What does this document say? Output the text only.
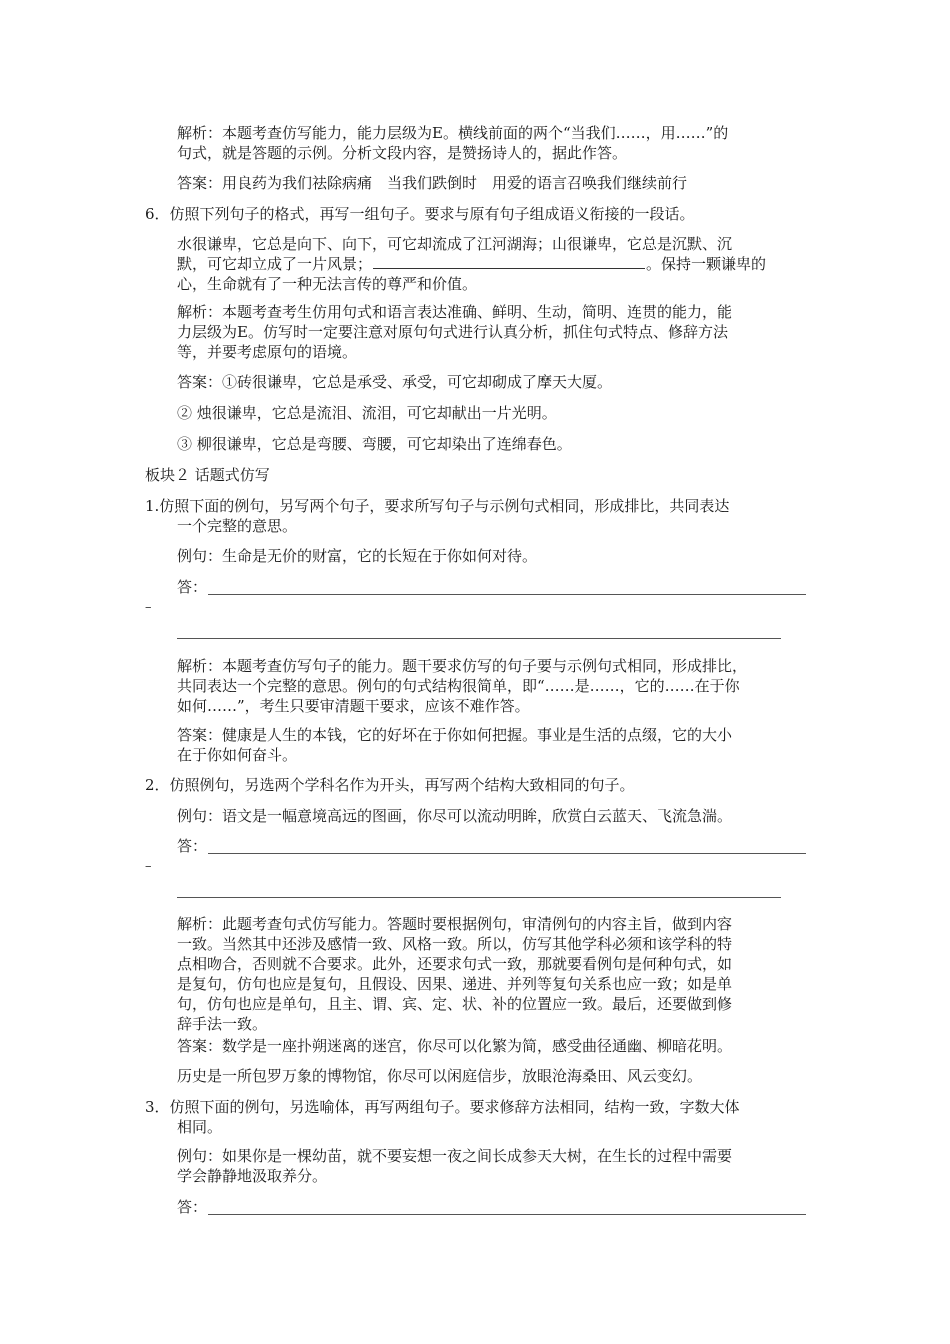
解析：本题考查仿写能力，能力层级为E。横线前面的两个“当我们……，用……”的
句式，就是答题的示例。分析文段内容，是赞扬诗人的，据此作答。
答案：用良药为我们祛除病痛　当我们跌倒时　用爱的语言召唤我们继续前行
6．仿照下列句子的格式，再写一组句子。要求与原有句子组成语义衔接的一段话。
水很谦卑，它总是向下、向下，可它却流成了江河湖海；山很谦卑，它总是沉默、沉
默，可它却立成了一片风景；	。保持一颗谦卑的
心，生命就有了一种无法言传的尊严和价值。
解析：本题考查考生仿用句式和语言表达准确、鲜明、生动，简明、连贯的能力，能
力层级为E。仿写时一定要注意对原句句式进行认真分析，抓住句式特点、修辞方法
等，并要考虑原句的语境。
答案：①砖很谦卑，它总是承受、承受，可它却砌成了摩天大厦。
② 烛很谦卑，它总是流泪、流泪，可它却献出一片光明。
③ 柳很谦卑，它总是弯腰、弯腰，可它却染出了连绵春色。
板块２ 话题式仿写
1.仿照下面的例句，另写两个句子，要求所写句子与示例句式相同，形成排比，共同表达
一个完整的意思。
例句：生命是无价的财富，它的长短在于你如何对待。
答：
–
解析：本题考查仿写句子的能力。题干要求仿写的句子要与示例句式相同，形成排比，
共同表达一个完整的意思。例句的句式结构很简单，即“……是……，它的……在于你
如何……”，考生只要审清题干要求，应该不难作答。
答案：健康是人生的本钱，它的好坏在于你如何把握。事业是生活的点缀，它的大小
在于你如何奋斗。
2．仿照例句，另选两个学科名作为开头，再写两个结构大致相同的句子。
例句：语文是一幅意境高远的图画，你尽可以流动明眸，欣赏白云蓝天、飞流急湍。
答：
–
解析：此题考查句式仿写能力。答题时要根据例句，审清例句的内容主旨，做到内容
一致。当然其中还涉及感情一致、风格一致。所以，仿写其他学科必须和该学科的特
点相吻合，否则就不合要求。此外，还要求句式一致，那就要看例句是何种句式，如
是复句，仿句也应是复句，且假设、因果、递进、并列等复句关系也应一致；如是单
句，仿句也应是单句，且主、谓、宾、定、状、补的位置应一致。最后，还要做到修
辞手法一致。
答案：数学是一座扑朔迷离的迷宫，你尽可以化繁为简，感受曲径通幽、柳暗花明。
历史是一所包罗万象的博物馆，你尽可以闲庭信步，放眼沧海桑田、风云变幻。
3．仿照下面的例句，另选喻体，再写两组句子。要求修辞方法相同，结构一致，字数大体
相同。
例句：如果你是一棵幼苗，就不要妄想一夜之间长成参天大树，在生长的过程中需要
学会静静地汲取养分。
答：
